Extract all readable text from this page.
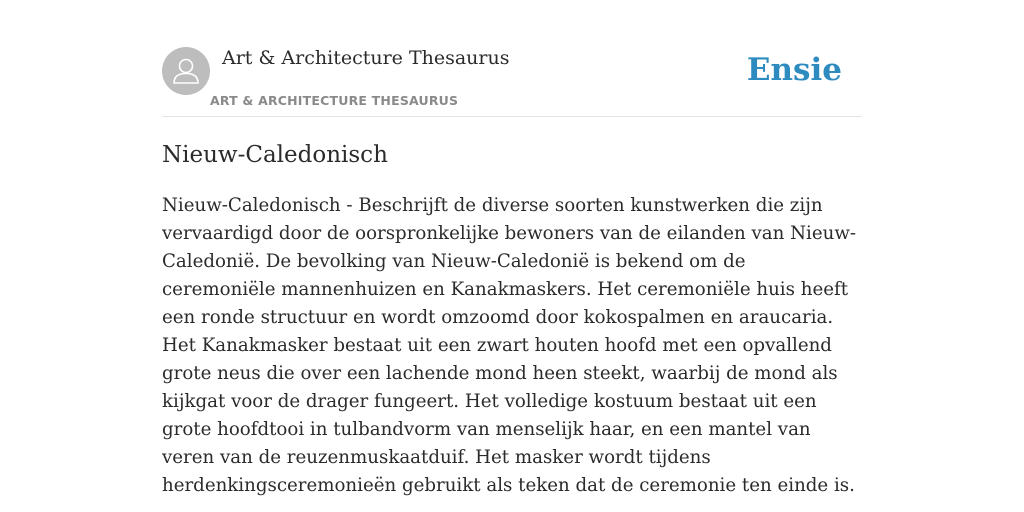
Art & Architecture Thesaurus
ART & ARCHITECTURE THESAURUS
Ensie
Nieuw-Caledonisch

Nieuw-Caledonisch - Beschrijft de diverse soorten kunstwerken die zijn vervaardigd door de oorspronkelijke bewoners van de eilanden van Nieuw-Caledonië. De bevolking van Nieuw-Caledonië is bekend om de ceremoniële mannenhuizen en Kanakmaskers. Het ceremoniële huis heeft een ronde structuur en wordt omzoomd door kokospalmen en araucaria. Het Kanakmasker bestaat uit een zwart houten hoofd met een opvallend grote neus die over een lachende mond heen steekt, waarbij de mond als kijkgat voor de drager fungeert. Het volledige kostuum bestaat uit een grote hoofdtooi in tulbandvorm van menselijk haar, en een mantel van veren van de reuzenmuskaatduif. Het masker wordt tijdens herdenkingsceremonieën gebruikt als teken dat de ceremonie ten einde is.
